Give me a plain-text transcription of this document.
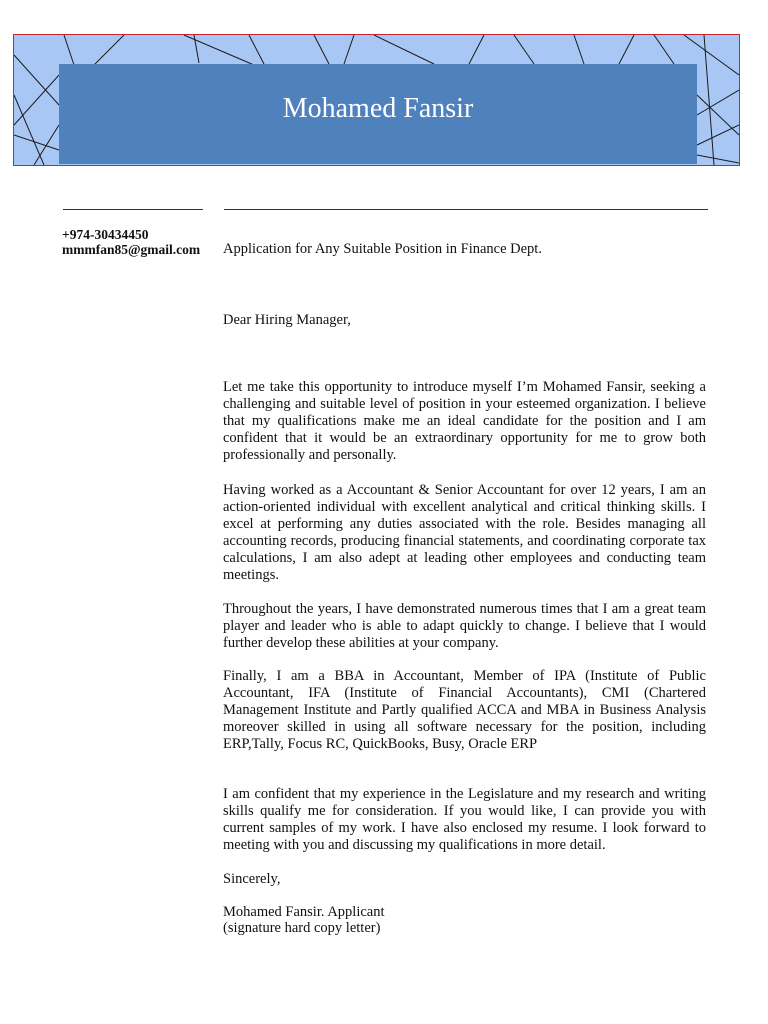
Mohamed Fansir
+974-30434450
mmmfan85@gmail.com Application for Any Suitable Position in Finance Dept.
Dear Hiring Manager,

Let me take this opportunity to introduce myself I’m Mohamed Fansir, seeking a challenging and suitable level of position in your esteemed organization. I believe that my qualifications make me an ideal candidate for the position and I am confident that it would be an extraordinary opportunity for me to grow both professionally and personally.

Having worked as a Accountant & Senior Accountant for over 12 years, I am an action-oriented individual with excellent analytical and critical thinking skills. I excel at performing any duties associated with the role. Besides managing all accounting records, producing financial statements, and coordinating corporate tax calculations, I am also adept at leading other employees and conducting team meetings.

Throughout the years, I have demonstrated numerous times that I am a great team player and leader who is able to adapt quickly to change. I believe that I would further develop these abilities at your company.

Finally, I am a BBA in Accountant, Member of IPA (Institute of Public Accountant, IFA (Institute of Financial Accountants), CMI (Chartered Management Institute and Partly qualified ACCA and MBA in Business Analysis moreover skilled in using all software necessary for the position, including ERP,Tally, Focus RC, QuickBooks, Busy, Oracle ERP

I am confident that my experience in the Legislature and my research and writing skills qualify me for consideration. If you would like, I can provide you with current samples of my work. I have also enclosed my resume. I look forward to meeting with you and discussing my qualifications in more detail.

Sincerely,
Mohamed Fansir. Applicant
(signature hard copy letter)
